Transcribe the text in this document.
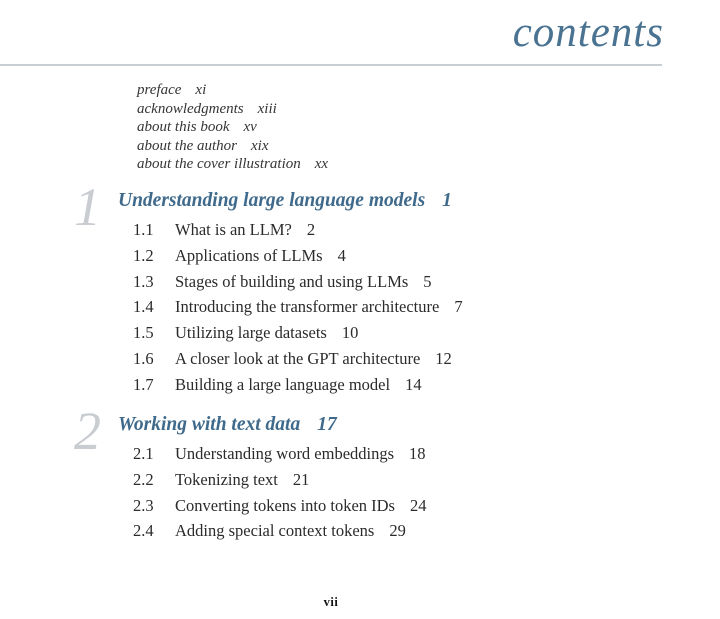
contents
preface xi
acknowledgments xiii
about this book xv
about the author xix
about the cover illustration xx
1 Understanding large language models 1
1.1	What is an LLM? 2
1.2	Applications of LLMs 4
1.3	Stages of building and using LLMs 5
1.4	Introducing the transformer architecture 7
1.5	Utilizing large datasets 10
1.6	A closer look at the GPT architecture 12
1.7	Building a large language model 14
2 Working with text data 17
2.1	Understanding word embeddings 18
2.2	Tokenizing text 21
2.3	Converting tokens into token IDs 24
2.4	Adding special context tokens 29
vii
